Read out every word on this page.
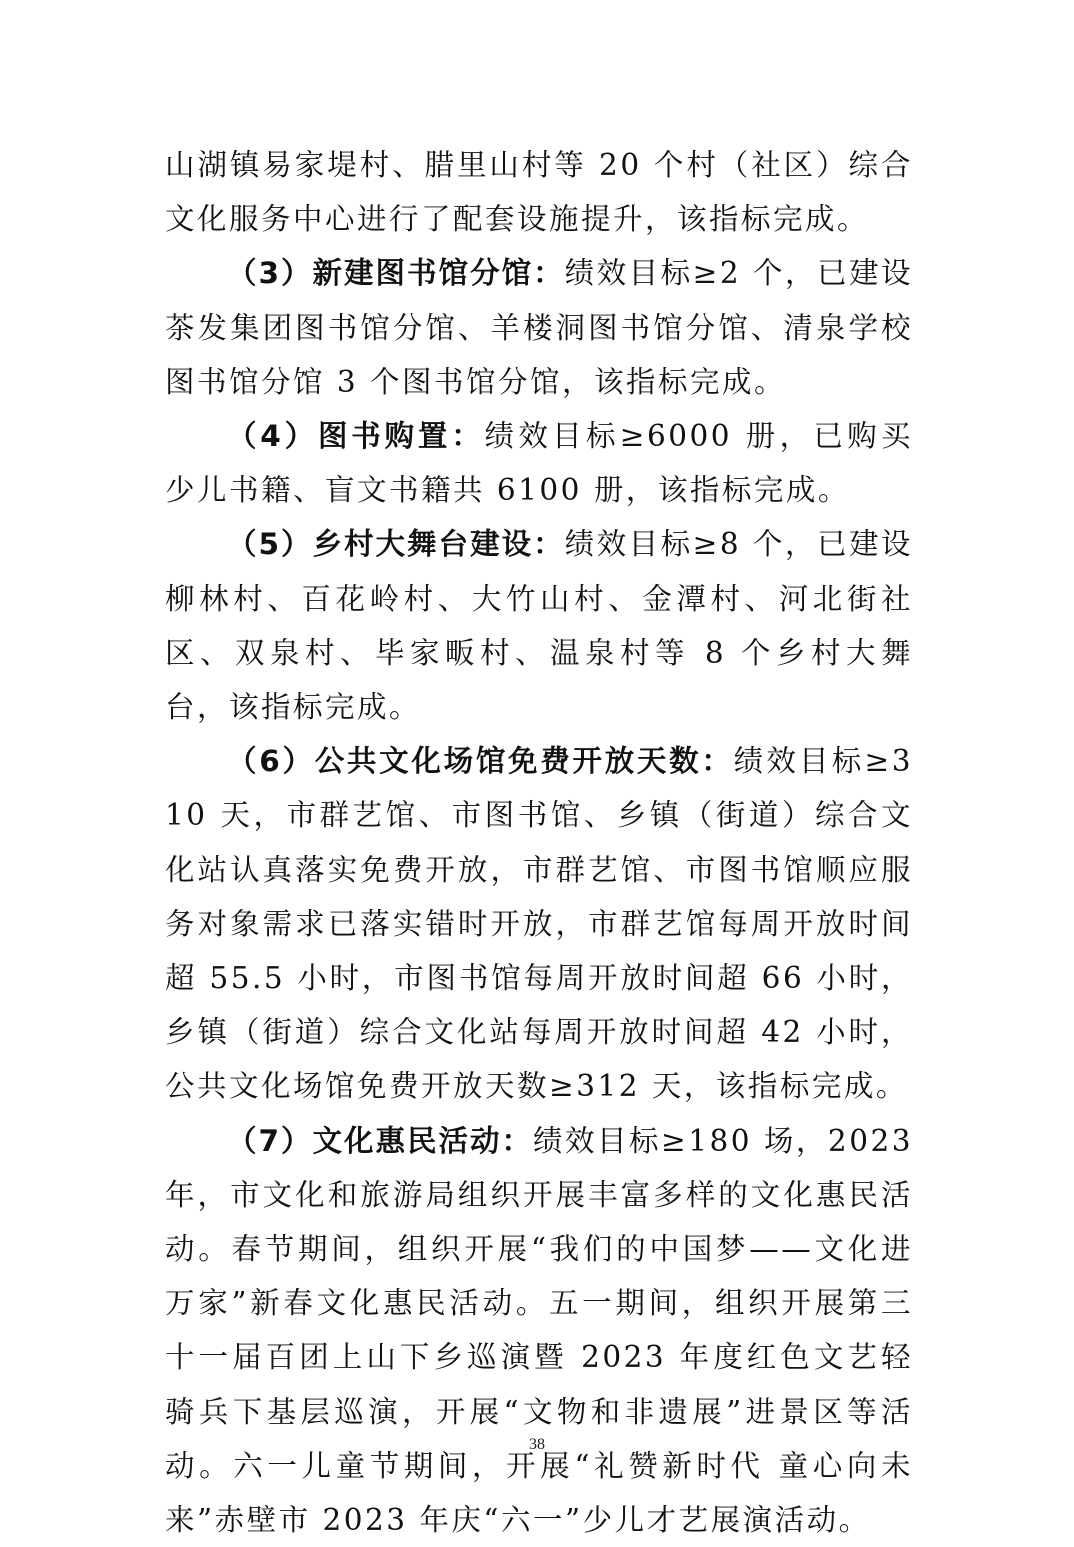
山湖镇易家堤村、腊里山村等 20 个村（社区）综合文化服务中心进行了配套设施提升，该指标完成。

（3）新建图书馆分馆：绩效目标≥2 个，已建设茶发集团图书馆分馆、羊楼洞图书馆分馆、清泉学校图书馆分馆 3 个图书馆分馆，该指标完成。

（4）图书购置：绩效目标≥6000 册，已购买少儿书籍、盲文书籍共 6100 册，该指标完成。

（5）乡村大舞台建设：绩效目标≥8 个，已建设柳林村、百花岭村、大竹山村、金潭村、河北街社区、双泉村、毕家畈村、温泉村等 8 个乡村大舞台，该指标完成。

（6）公共文化场馆免费开放天数：绩效目标≥310 天，市群艺馆、市图书馆、乡镇（街道）综合文化站认真落实免费开放，市群艺馆、市图书馆顺应服务对象需求已落实错时开放，市群艺馆每周开放时间超 55.5 小时，市图书馆每周开放时间超 66 小时，乡镇（街道）综合文化站每周开放时间超 42 小时，公共文化场馆免费开放天数≥312 天，该指标完成。

（7）文化惠民活动：绩效目标≥180 场，2023 年，市文化和旅游局组织开展丰富多样的文化惠民活动。春节期间，组织开展“我们的中国梦——文化进万家”新春文化惠民活动。五一期间，组织开展第三十一届百团上山下乡巡演暨 2023 年度红色文艺轻骑兵下基层巡演，开展“文物和非遗展”进景区等活动。六一儿童节期间，开展“礼赞新时代 童心向未来”赤壁市 2023 年庆“六一”少儿才艺展演活动。

38
